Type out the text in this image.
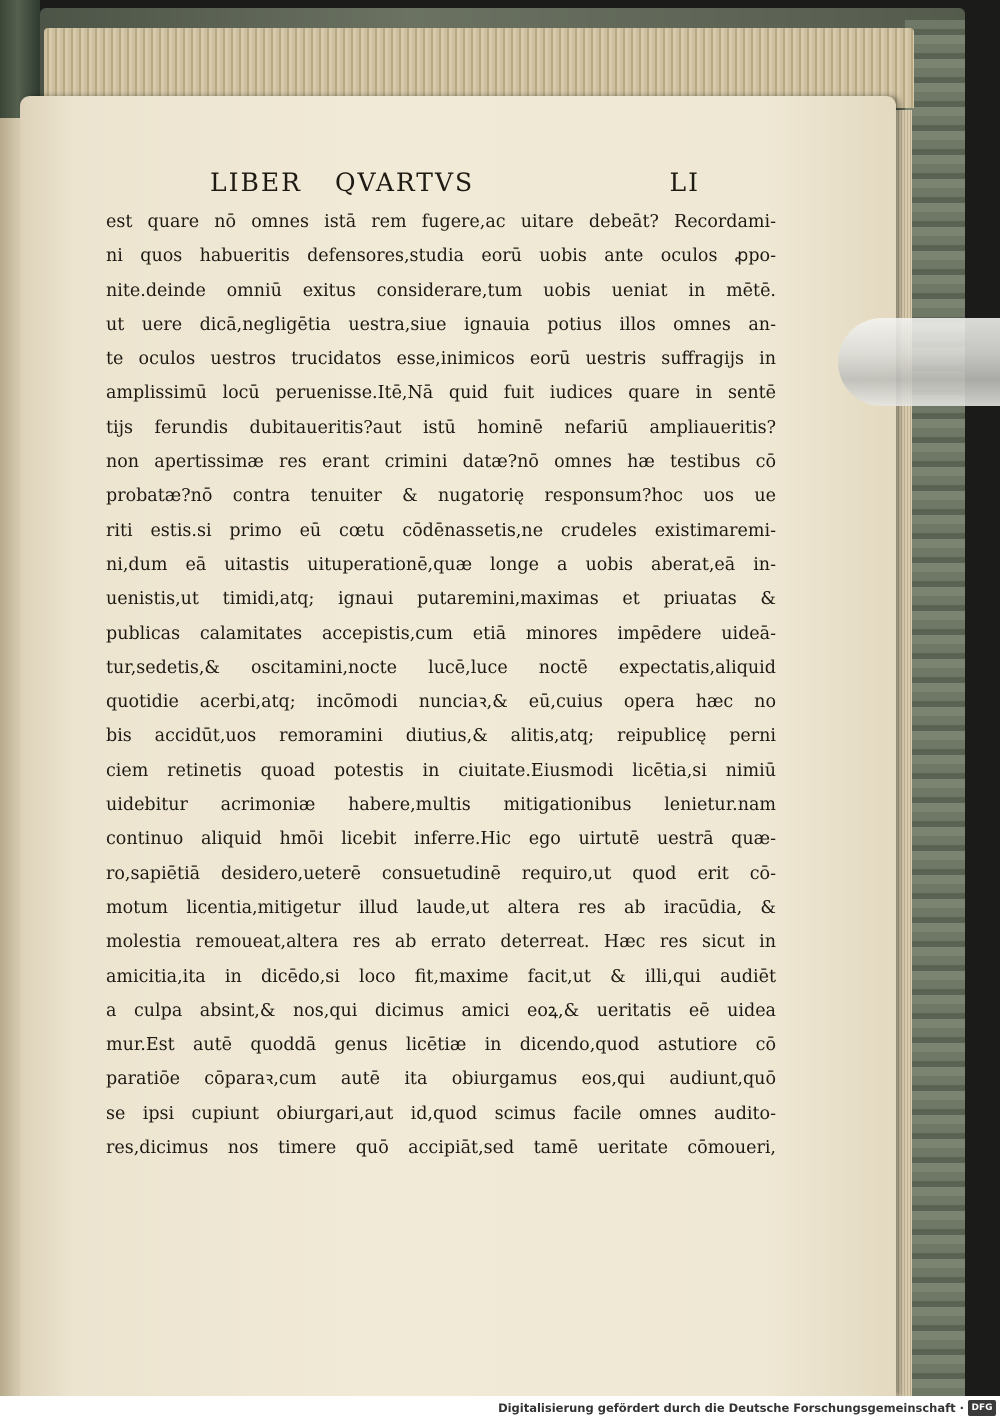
LIBER QVARTVS	LI
est quare nō omnes istā rem fugere,ac uitare debeāt? Recordami-
ni quos habueritis defensores,studia eorū uobis ante oculos ꝓpo-
nite.deinde omniū exitus considerare,tum uobis ueniat in mētē.
ut uere dicā,negligētia uestra,siue ignauia potius illos omnes an-
te oculos uestros trucidatos esse,inimicos eorū uestris suffragijs in
amplissimū locū peruenisse.Itē,Nā quid fuit iudices quare in sentē
tijs ferundis dubitaueritis?aut istū hominē nefariū ampliaueritis?
non apertissimæ res erant crimini datæ?nō omnes hæ testibus cō
probatæ?nō contra tenuiter & nugatorię responsum?hoc uos ue
riti estis.si primo eū cœtu cōdēnassetis,ne crudeles existimaremi-
ni,dum eā uitastis uituperationē,quæ longe a uobis aberat,eā in-
uenistis,ut timidi,atq; ignaui putaremini,maximas et priuatas &
publicas calamitates accepistis,cum etiā minores impēdere uideā-
tur,sedetis,& oscitamini,nocte lucē,luce noctē expectatis,aliquid
quotidie acerbi,atq; incōmodi nunciaꝛ,& eū,cuius opera hæc no
bis accidūt,uos remoramini diutius,& alitis,atq; reipublicę perni
ciem retinetis quoad potestis in ciuitate.Eiusmodi licētia,si nimiū
uidebitur acrimoniæ habere,multis mitigationibus lenietur.nam
continuo aliquid hmōi licebit inferre.Hic ego uirtutē uestrā quæ-
ro,sapiētiā desidero,ueterē consuetudinē requiro,ut quod erit cō-
motum licentia,mitigetur illud laude,ut altera res ab iracūdia, &
molestia remoueat,altera res ab errato deterreat. Hæc res sicut in
amicitia,ita in dicēdo,si loco fit,maxime facit,ut & illi,qui audiēt
a culpa absint,& nos,qui dicimus amici eoꝝ,& ueritatis eē uidea
mur.Est autē quoddā genus licētiæ in dicendo,quod astutiore cō
paratiōe cōparaꝛ,cum autē ita obiurgamus eos,qui audiunt,quō
se ipsi cupiunt obiurgari,aut id,quod scimus facile omnes audito-
res,dicimus nos timere quō accipiāt,sed tamē ueritate cōmoueri,
Digitalisierung gefördert durch die Deutsche Forschungsgemeinschaft · DFG
